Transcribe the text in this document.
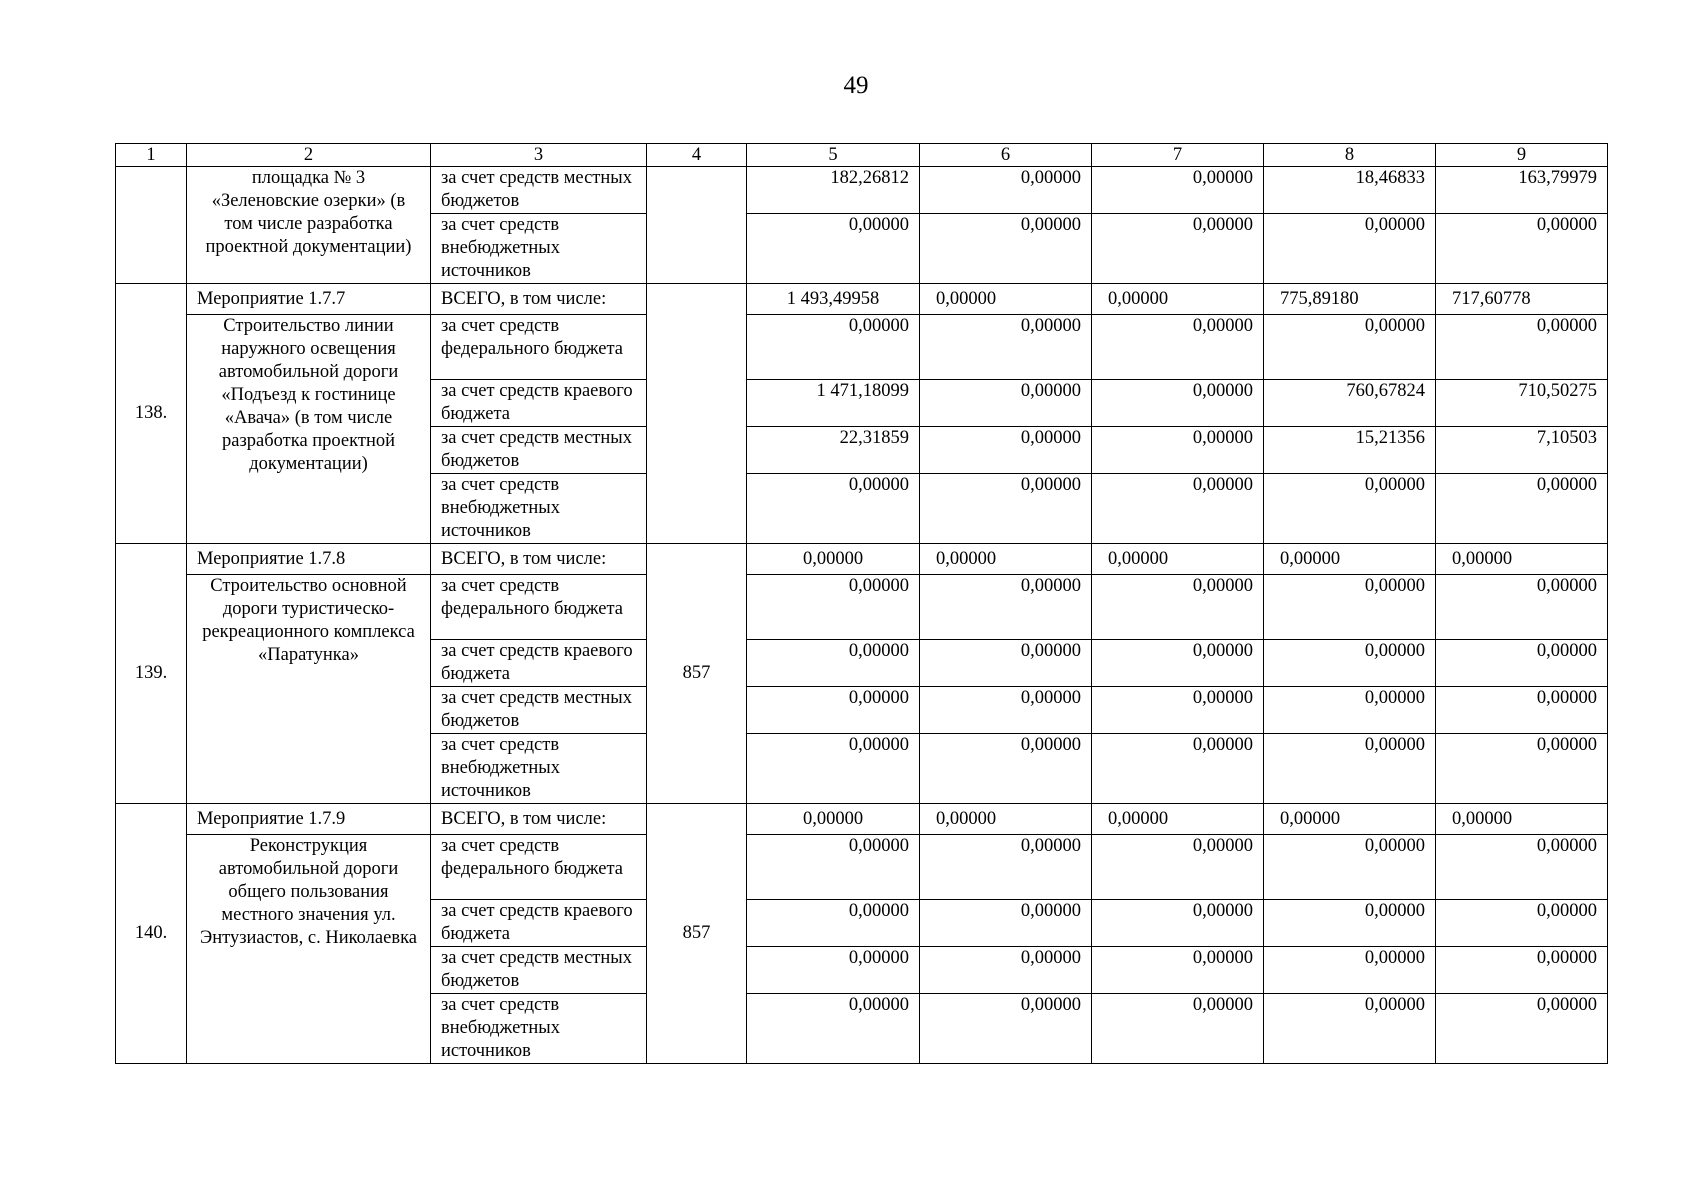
49
1	2	3	4	5	6	7	8	9
	площадка № 3 «Зеленовские озерки» (в том числе разработка проектной документации)	за счет средств местных бюджетов		182,26812	0,00000	0,00000	18,46833	163,79979
		за счет средств внебюджетных источников		0,00000	0,00000	0,00000	0,00000	0,00000
138.	Мероприятие 1.7.7	ВСЕГО, в том числе:		1 493,49958	0,00000	0,00000	775,89180	717,60778
	Строительство линии наружного освещения автомобильной дороги «Подъезд к гостинице «Авача» (в том числе разработка проектной документации)	за счет средств федерального бюджета		0,00000	0,00000	0,00000	0,00000	0,00000
		за счет средств краевого бюджета		1 471,18099	0,00000	0,00000	760,67824	710,50275
		за счет средств местных бюджетов		22,31859	0,00000	0,00000	15,21356	7,10503
		за счет средств внебюджетных источников		0,00000	0,00000	0,00000	0,00000	0,00000
139.	Мероприятие 1.7.8	ВСЕГО, в том числе:	857	0,00000	0,00000	0,00000	0,00000	0,00000
	Строительство основной дороги туристическо-рекреационного комплекса «Паратунка»	за счет средств федерального бюджета		0,00000	0,00000	0,00000	0,00000	0,00000
		за счет средств краевого бюджета		0,00000	0,00000	0,00000	0,00000	0,00000
		за счет средств местных бюджетов		0,00000	0,00000	0,00000	0,00000	0,00000
		за счет средств внебюджетных источников		0,00000	0,00000	0,00000	0,00000	0,00000
140.	Мероприятие 1.7.9	ВСЕГО, в том числе:	857	0,00000	0,00000	0,00000	0,00000	0,00000
	Реконструкция автомобильной дороги общего пользования местного значения ул. Энтузиастов, с. Николаевка	за счет средств федерального бюджета		0,00000	0,00000	0,00000	0,00000	0,00000
		за счет средств краевого бюджета		0,00000	0,00000	0,00000	0,00000	0,00000
		за счет средств местных бюджетов		0,00000	0,00000	0,00000	0,00000	0,00000
		за счет средств внебюджетных источников		0,00000	0,00000	0,00000	0,00000	0,00000
